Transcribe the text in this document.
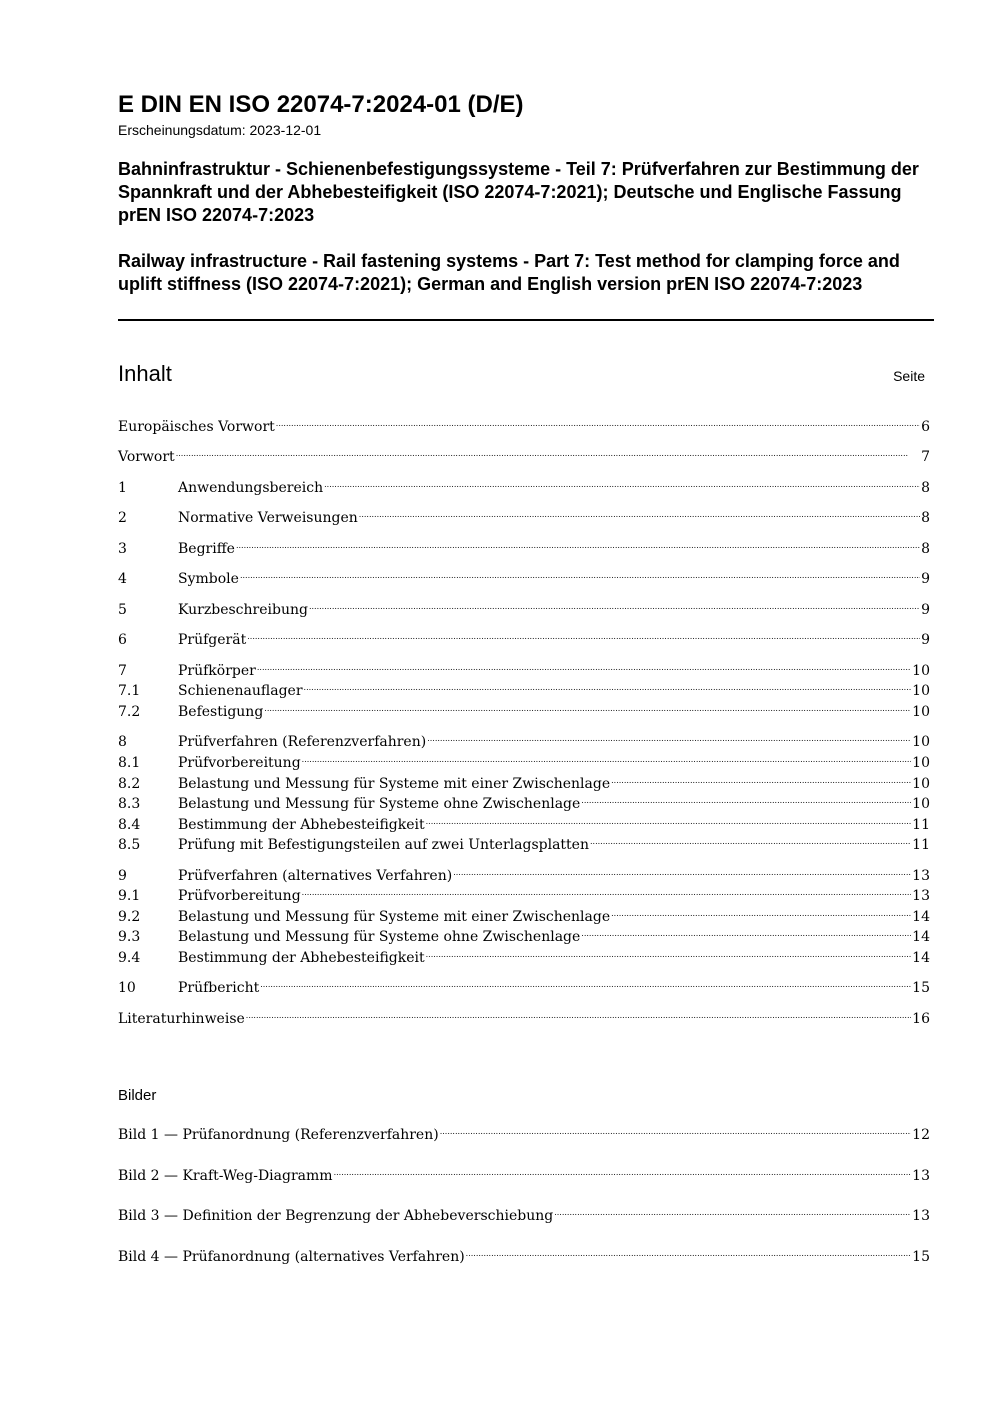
E DIN EN ISO 22074-7:2024-01 (D/E)
Erscheinungsdatum: 2023-12-01
Bahninfrastruktur - Schienenbefestigungssysteme - Teil 7: Prüfverfahren zur Bestimmung der Spannkraft und der Abhebesteifigkeit (ISO 22074-7:2021); Deutsche und Englische Fassung prEN ISO 22074-7:2023
Railway infrastructure - Rail fastening systems - Part 7: Test method for clamping force and uplift stiffness (ISO 22074-7:2021); German and English version prEN ISO 22074-7:2023
Inhalt	Seite
Europäisches Vorwort .....	6
Vorwort .....	7
1	Anwendungsbereich .....	8
2	Normative Verweisungen .....	8
3	Begriffe .....	8
4	Symbole .....	9
5	Kurzbeschreibung .....	9
6	Prüfgerät .....	9
7	Prüfkörper .....	10
7.1	Schienenauflager .....	10
7.2	Befestigung .....	10
8	Prüfverfahren (Referenzverfahren) .....	10
8.1	Prüfvorbereitung .....	10
8.2	Belastung und Messung für Systeme mit einer Zwischenlage .....	10
8.3	Belastung und Messung für Systeme ohne Zwischenlage .....	10
8.4	Bestimmung der Abhebesteifigkeit .....	11
8.5	Prüfung mit Befestigungsteilen auf zwei Unterlagsplatten .....	11
9	Prüfverfahren (alternatives Verfahren) .....	13
9.1	Prüfvorbereitung .....	13
9.2	Belastung und Messung für Systeme mit einer Zwischenlage .....	14
9.3	Belastung und Messung für Systeme ohne Zwischenlage .....	14
9.4	Bestimmung der Abhebesteifigkeit .....	14
10	Prüfbericht .....	15
Literaturhinweise .....	16
Bilder
Bild 1 — Prüfanordnung (Referenzverfahren) .....	12
Bild 2 — Kraft-Weg-Diagramm .....	13
Bild 3 — Definition der Begrenzung der Abhebeverschiebung .....	13
Bild 4 — Prüfanordnung (alternatives Verfahren) .....	15
